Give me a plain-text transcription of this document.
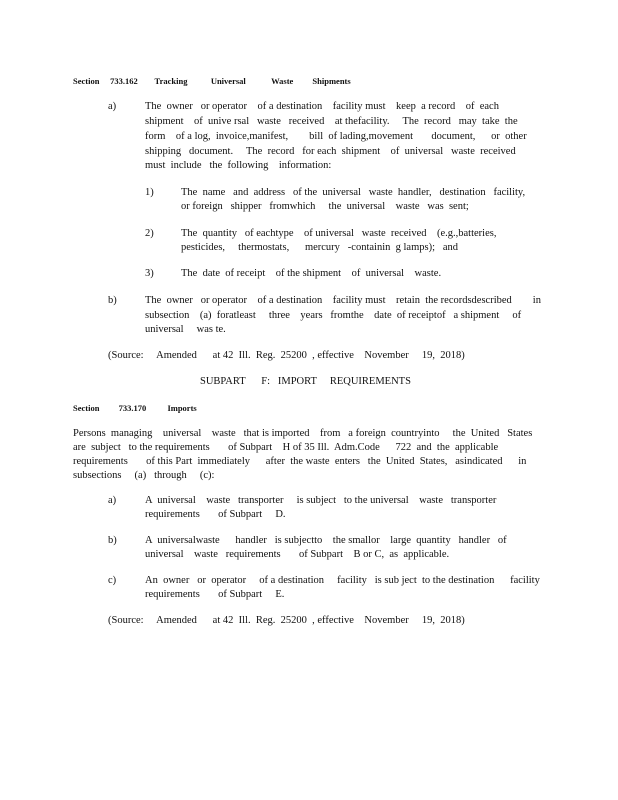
Section     733.162        Tracking           Universal            Waste         Shipments
a)	The  owner   or operator    of a destination    facility must    keep  a record    of  each
shipment    of  unive rsal   waste   received    at thefacility.     The  record   may  take  the
form    of a log,  invoice,manifest,        bill  of lading,movement       document,      or  other
shipping   document.     The  record   for each  shipment    of  universal   waste  received
must  include   the  following    information:
1)	The  name   and  address   of the  universal   waste  handler,   destination   facility,
or foreign   shipper   fromwhich     the  universal    waste   was  sent;
2)	The  quantity   of eachtype    of universal   waste  received    (e.g.,batteries,
pesticides,     thermostats,      mercury   -containin  g lamps);   and
3)	The  date  of receipt    of the shipment    of  universal    waste.
b)	The  owner   or operator    of a destination    facility must    retain  the recordsdescribed        in
subsection    (a)  foratleast     three    years   fromthe    date  of receiptof   a shipment     of
universal     was te.
(Source:     Amended      at 42  Ill.  Reg.  25200  , effective    November     19,  2018)
SUBPART      F:   IMPORT     REQUIREMENTS
Section         733.170          Imports
Persons  managing    universal    waste   that is imported    from   a foreign  countryinto     the  United   States
are  subject   to the requirements       of Subpart    H of 35 Ill.  Adm.Code      722  and  the  applicable
requirements       of this Part  immediately      after  the waste  enters   the  United  States,   asindicated      in
subsections     (a)   through     (c):
a)	A  universal    waste   transporter     is subject   to the universal    waste   transporter
requirements       of Subpart     D.
b)	A  universalwaste      handler   is subjectto    the smallor    large  quantity   handler   of
universal    waste   requirements       of Subpart    B or C,  as  applicable.
c)	An  owner   or  operator     of a destination     facility   is sub ject  to the destination      facility
requirements       of Subpart     E.
(Source:     Amended      at 42  Ill.  Reg.  25200  , effective    November     19,  2018)
